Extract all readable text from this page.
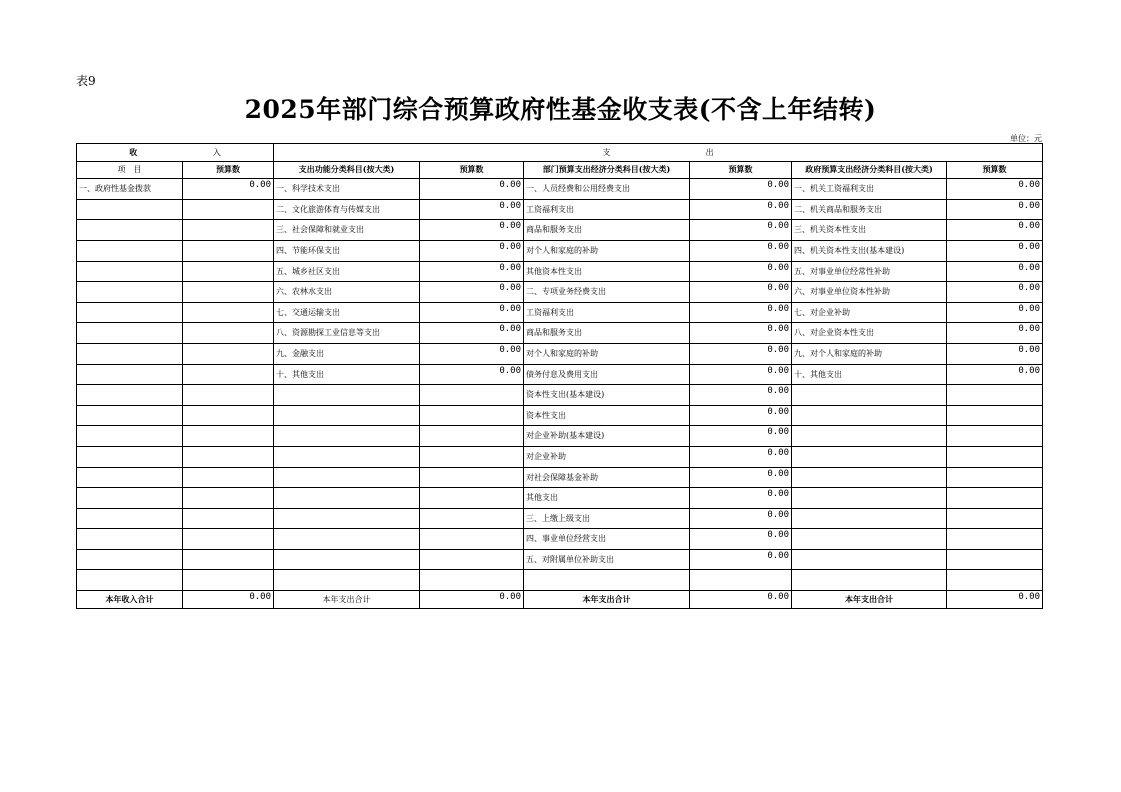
表9
2025年部门综合预算政府性基金收支表(不含上年结转)
单位：元
收 入		支 出					
项　目	预算数	支出功能分类科目(按大类)	预算数	部门预算支出经济分类科目(按大类)	预算数	政府预算支出经济分类科目(按大类)	预算数
一、政府性基金拨款	0.00	一、科学技术支出	0.00	一、人员经费和公用经费支出	0.00	一、机关工资福利支出	0.00
		二、文化旅游体育与传媒支出	0.00	工资福利支出	0.00	二、机关商品和服务支出	0.00
		三、社会保障和就业支出	0.00	商品和服务支出	0.00	三、机关资本性支出	0.00
		四、节能环保支出	0.00	对个人和家庭的补助	0.00	四、机关资本性支出(基本建设)	0.00
		五、城乡社区支出	0.00	其他资本性支出	0.00	五、对事业单位经常性补助	0.00
		六、农林水支出	0.00	二、专项业务经费支出	0.00	六、对事业单位资本性补助	0.00
		七、交通运输支出	0.00	工资福利支出	0.00	七、对企业补助	0.00
		八、资源勘探工业信息等支出	0.00	商品和服务支出	0.00	八、对企业资本性支出	0.00
		九、金融支出	0.00	对个人和家庭的补助	0.00	九、对个人和家庭的补助	0.00
		十、其他支出	0.00	债务付息及费用支出	0.00	十、其他支出	0.00
				资本性支出(基本建设)	0.00		
				资本性支出	0.00		
				对企业补助(基本建设)	0.00		
				对企业补助	0.00		
				对社会保障基金补助	0.00		
				其他支出	0.00		
				三、上缴上级支出	0.00		
				四、事业单位经营支出	0.00		
				五、对附属单位补助支出	0.00		

本年收入合计	0.00	本年支出合计	0.00	本年支出合计	0.00	本年支出合计	0.00
